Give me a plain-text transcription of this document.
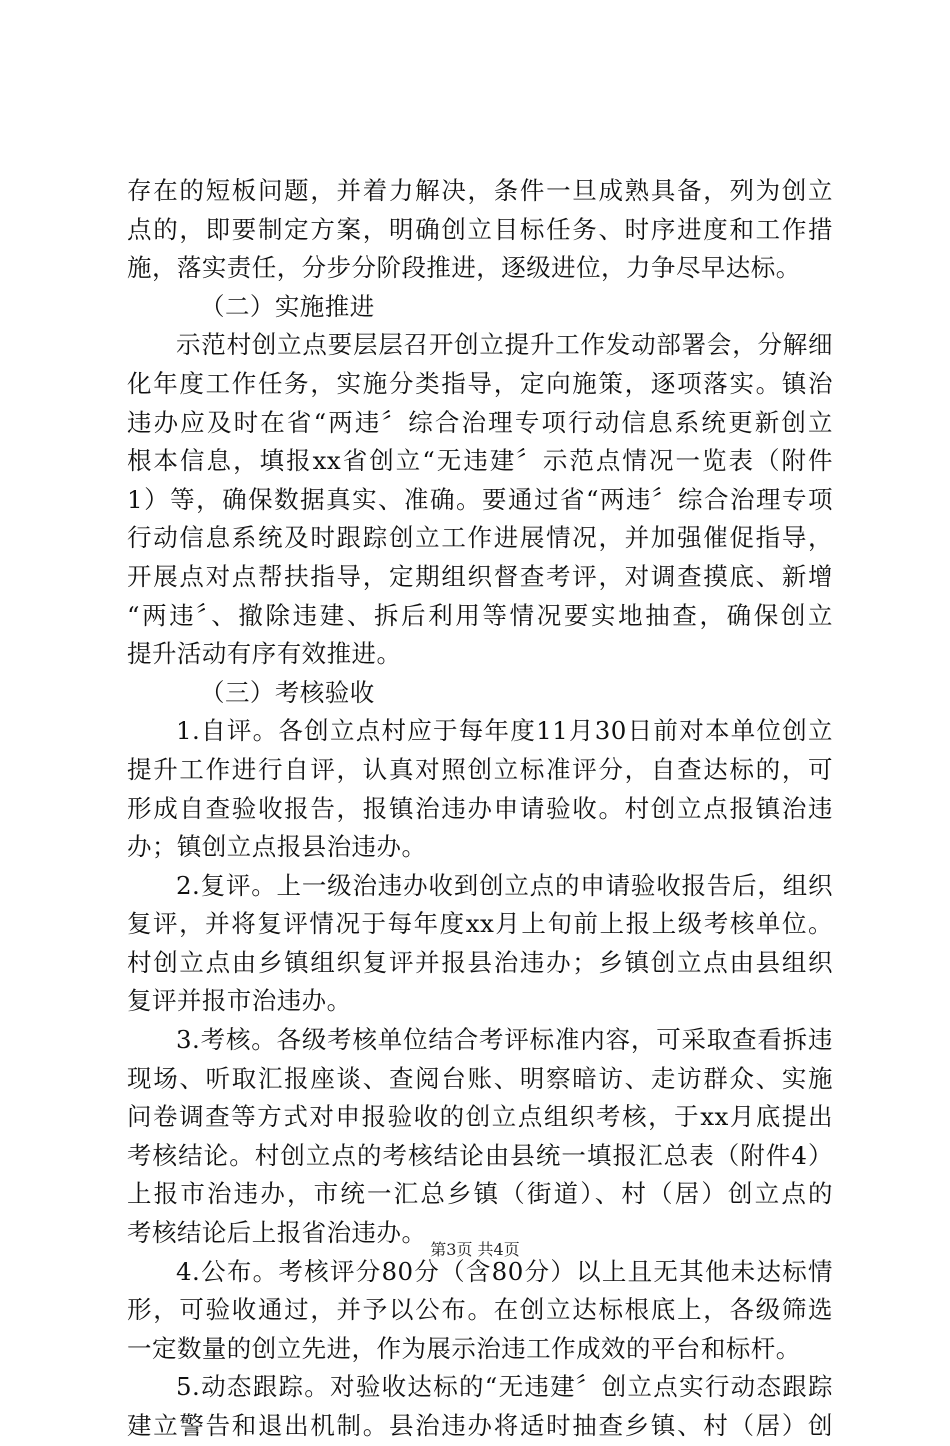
存在的短板问题，并着力解决，条件一旦成熟具备，列为创立
点的，即要制定方案，明确创立目标任务、时序进度和工作措
施，落实责任，分步分阶段推进，逐级进位，力争尽早达标。
（二）实施推进
示范村创立点要层层召开创立提升工作发动部署会，分解细
化年度工作任务，实施分类指导，定向施策，逐项落实。镇治
违办应及时在省“两违〞综合治理专项行动信息系统更新创立
根本信息，填报xx省创立“无违建〞示范点情况一览表（附件
1）等，确保数据真实、准确。要通过省“两违〞综合治理专项
行动信息系统及时跟踪创立工作进展情况，并加强催促指导，
开展点对点帮扶指导，定期组织督查考评，对调查摸底、新增
“两违〞、撤除违建、拆后利用等情况要实地抽查，确保创立
提升活动有序有效推进。
（三）考核验收
1.自评。各创立点村应于每年度11月30日前对本单位创立
提升工作进行自评，认真对照创立标准评分，自查达标的，可
形成自查验收报告，报镇治违办申请验收。村创立点报镇治违
办；镇创立点报县治违办。
2.复评。上一级治违办收到创立点的申请验收报告后，组织
复评，并将复评情况于每年度xx月上旬前上报上级考核单位。
村创立点由乡镇组织复评并报县治违办；乡镇创立点由县组织
复评并报市治违办。
3.考核。各级考核单位结合考评标准内容，可采取查看拆违
现场、听取汇报座谈、查阅台账、明察暗访、走访群众、实施
问卷调查等方式对申报验收的创立点组织考核，于xx月底提出
考核结论。村创立点的考核结论由县统一填报汇总表（附件4）
上报市治违办，市统一汇总乡镇（街道）、村（居）创立点的
考核结论后上报省治违办。
4.公布。考核评分80分（含80分）以上且无其他未达标情
形，可验收通过，并予以公布。在创立达标根底上，各级筛选
一定数量的创立先进，作为展示治违工作成效的平台和标杆。
5.动态跟踪。对验收达标的“无违建〞创立点实行动态跟踪
建立警告和退出机制。县治违办将适时抽查乡镇、村（居）创
第3页 共4页
